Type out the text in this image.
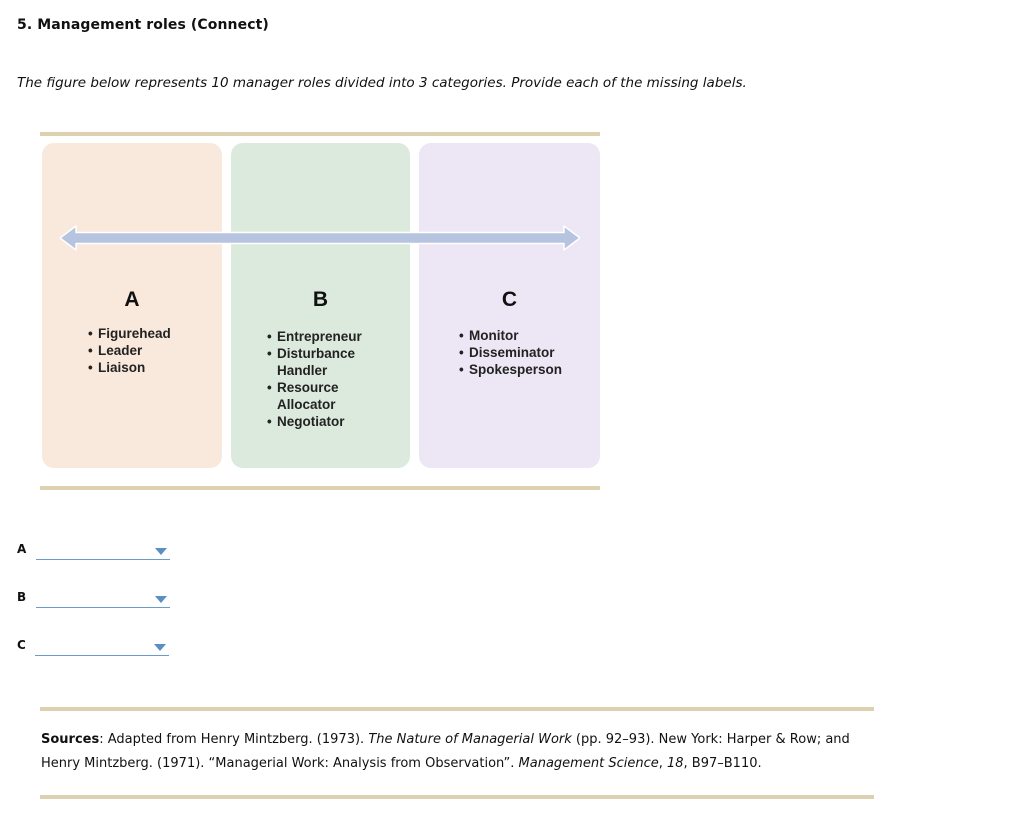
5. Management roles (Connect)
The figure below represents 10 manager roles divided into 3 categories. Provide each of the missing labels.
A
• Figurehead
• Leader
• Liaison
B
• Entrepreneur
• Disturbance Handler
• Resource Allocator
• Negotiator
C
• Monitor
• Disseminator
• Spokesperson
A
B
C
Sources: Adapted from Henry Mintzberg. (1973). The Nature of Managerial Work (pp. 92–93). New York: Harper & Row; and Henry Mintzberg. (1971). “Managerial Work: Analysis from Observation”. Management Science, 18, B97–B110.
